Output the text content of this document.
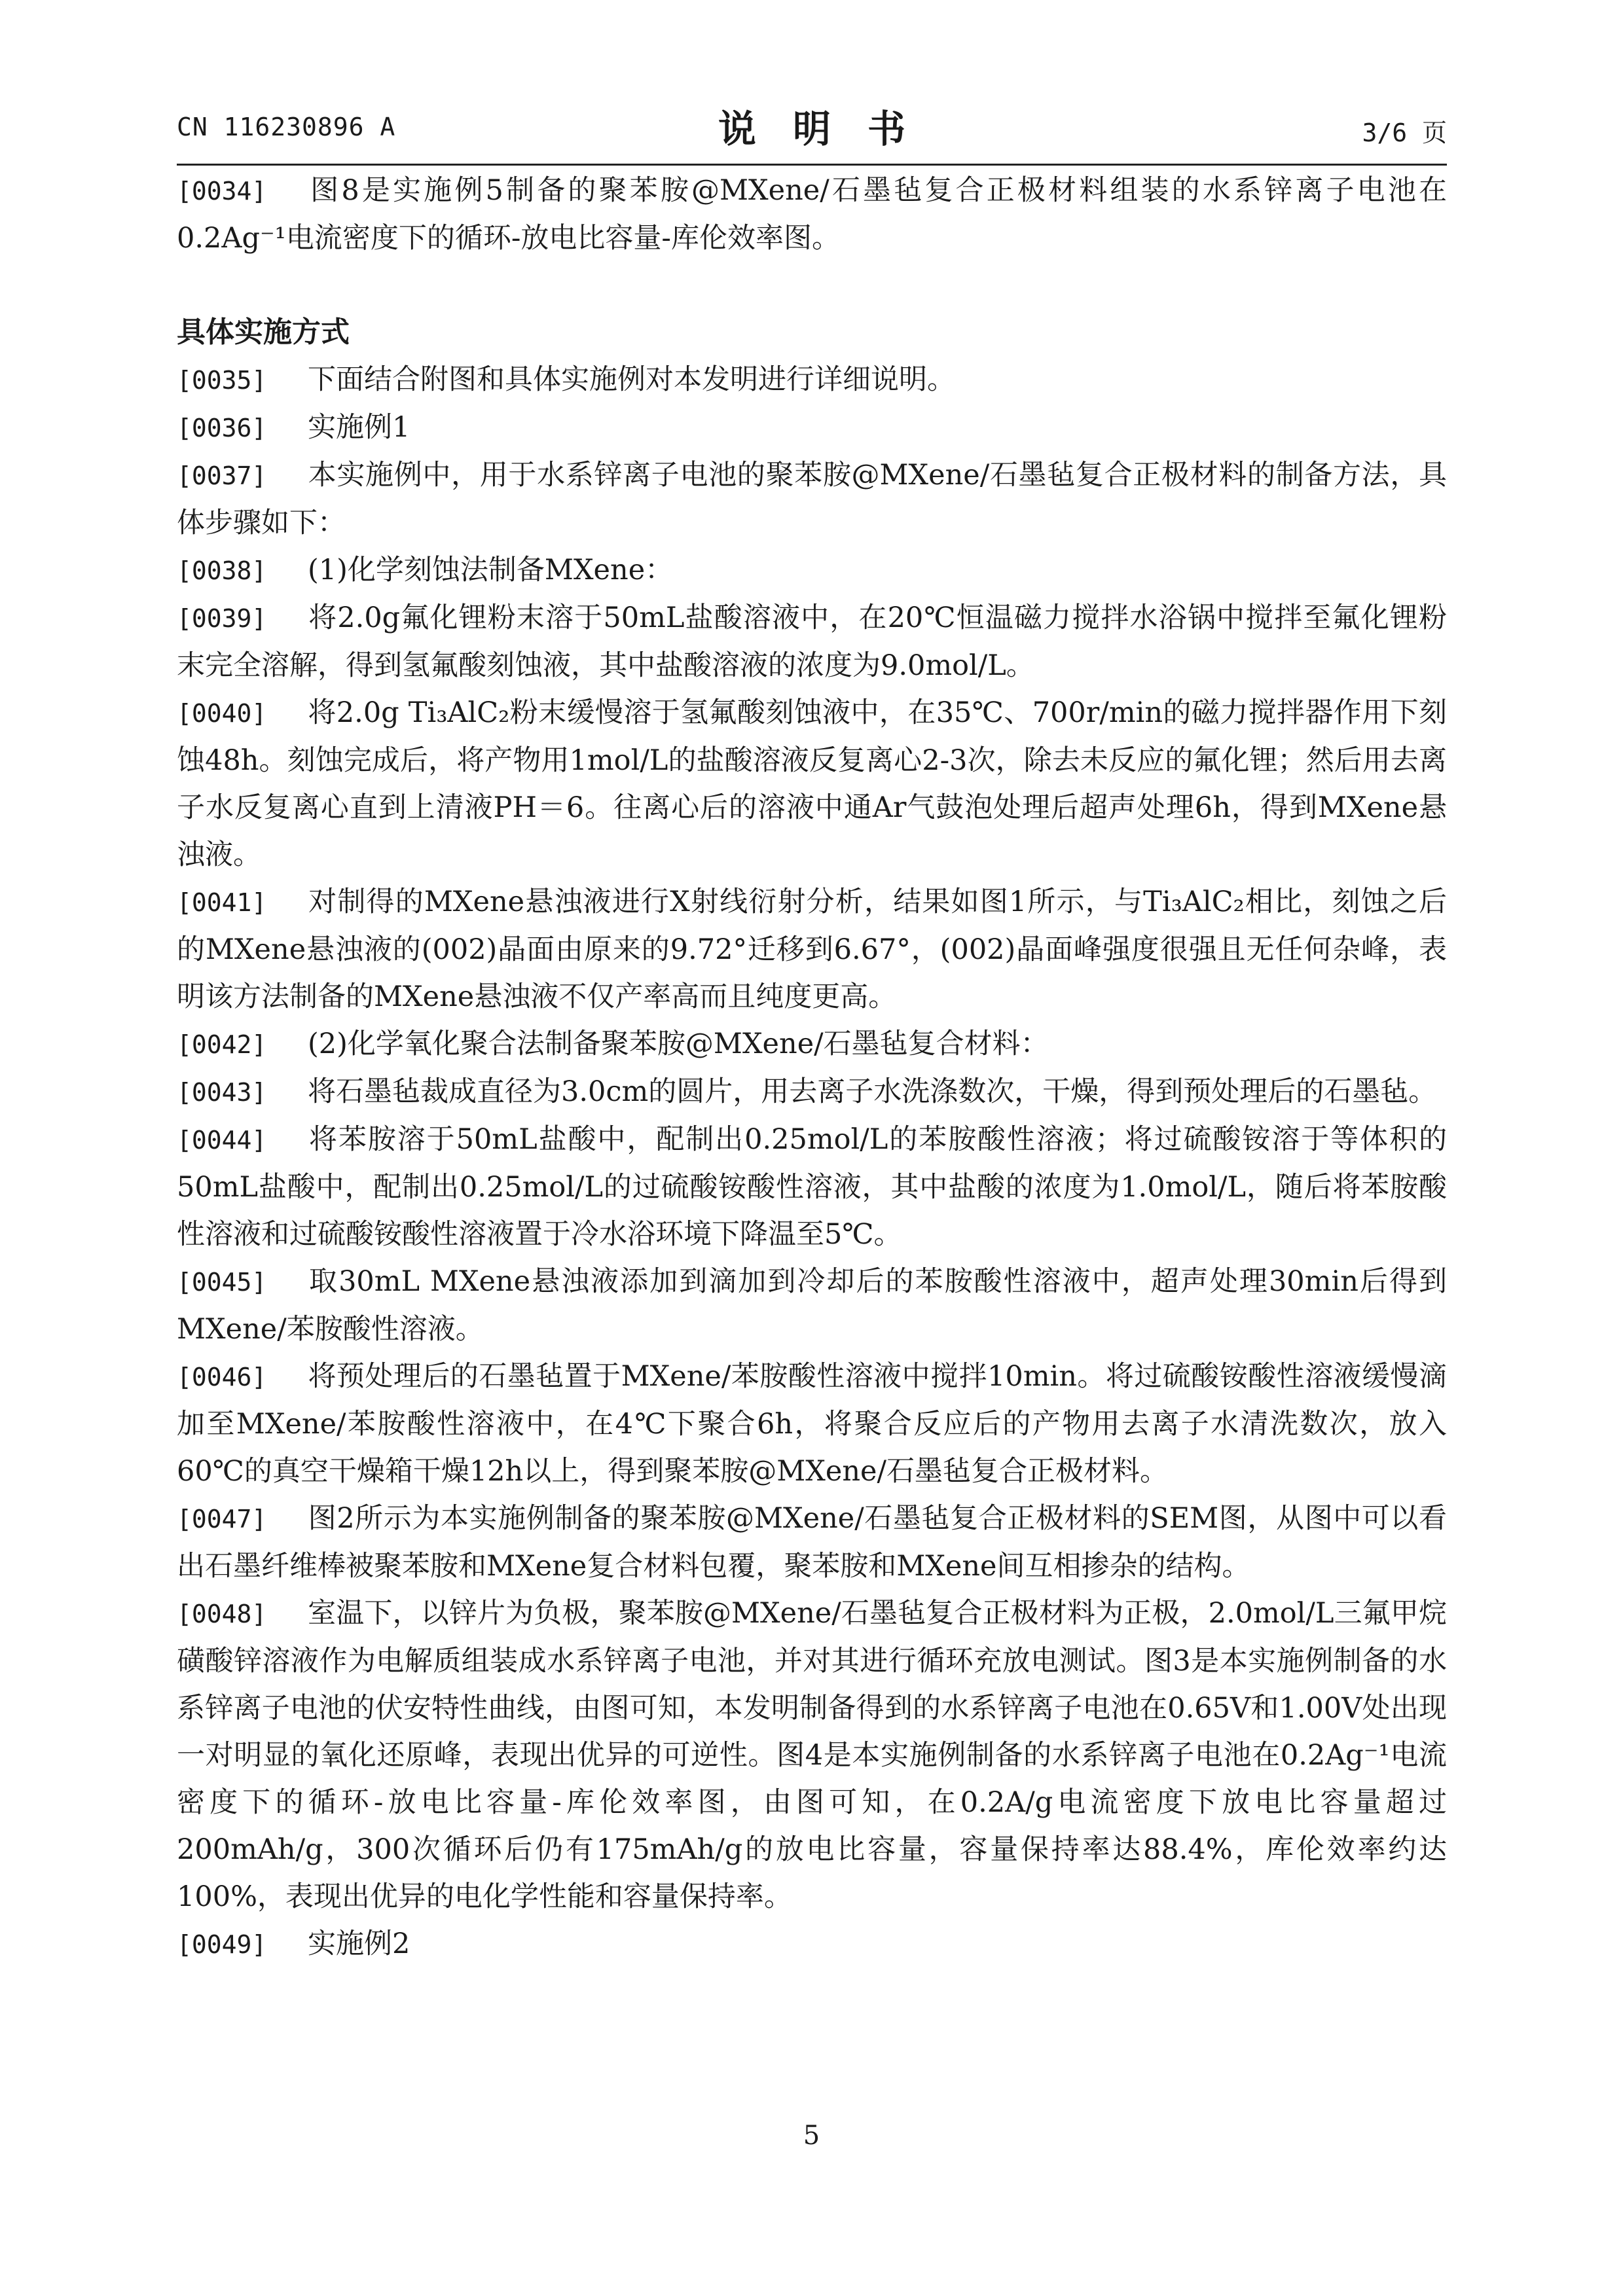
CN 116230896 A	说明书	3/6 页

[0034] 图8是实施例5制备的聚苯胺@MXene/石墨毡复合正极材料组装的水系锌离子电池在0.2Ag⁻¹电流密度下的循环-放电比容量-库伦效率图。

具体实施方式

[0035] 下面结合附图和具体实施例对本发明进行详细说明。

[0036] 实施例1

[0037] 本实施例中，用于水系锌离子电池的聚苯胺@MXene/石墨毡复合正极材料的制备方法，具体步骤如下：

[0038] (1)化学刻蚀法制备MXene：

[0039] 将2.0g氟化锂粉末溶于50mL盐酸溶液中，在20℃恒温磁力搅拌水浴锅中搅拌至氟化锂粉末完全溶解，得到氢氟酸刻蚀液，其中盐酸溶液的浓度为9.0mol/L。

[0040] 将2.0g Ti₃AlC₂粉末缓慢溶于氢氟酸刻蚀液中，在35℃、700r/min的磁力搅拌器作用下刻蚀48h。刻蚀完成后，将产物用1mol/L的盐酸溶液反复离心2-3次，除去未反应的氟化锂；然后用去离子水反复离心直到上清液PH＝6。往离心后的溶液中通Ar气鼓泡处理后超声处理6h，得到MXene悬浊液。

[0041] 对制得的MXene悬浊液进行X射线衍射分析，结果如图1所示，与Ti₃AlC₂相比，刻蚀之后的MXene悬浊液的(002)晶面由原来的9.72°迁移到6.67°，(002)晶面峰强度很强且无任何杂峰，表明该方法制备的MXene悬浊液不仅产率高而且纯度更高。

[0042] (2)化学氧化聚合法制备聚苯胺@MXene/石墨毡复合材料：

[0043] 将石墨毡裁成直径为3.0cm的圆片，用去离子水洗涤数次，干燥，得到预处理后的石墨毡。

[0044] 将苯胺溶于50mL盐酸中，配制出0.25mol/L的苯胺酸性溶液；将过硫酸铵溶于等体积的50mL盐酸中，配制出0.25mol/L的过硫酸铵酸性溶液，其中盐酸的浓度为1.0mol/L，随后将苯胺酸性溶液和过硫酸铵酸性溶液置于冷水浴环境下降温至5℃。

[0045] 取30mL MXene悬浊液添加到滴加到冷却后的苯胺酸性溶液中，超声处理30min后得到MXene/苯胺酸性溶液。

[0046] 将预处理后的石墨毡置于MXene/苯胺酸性溶液中搅拌10min。将过硫酸铵酸性溶液缓慢滴加至MXene/苯胺酸性溶液中，在4℃下聚合6h，将聚合反应后的产物用去离子水清洗数次，放入60℃的真空干燥箱干燥12h以上，得到聚苯胺@MXene/石墨毡复合正极材料。

[0047] 图2所示为本实施例制备的聚苯胺@MXene/石墨毡复合正极材料的SEM图，从图中可以看出石墨纤维棒被聚苯胺和MXene复合材料包覆，聚苯胺和MXene间互相掺杂的结构。

[0048] 室温下，以锌片为负极，聚苯胺@MXene/石墨毡复合正极材料为正极，2.0mol/L三氟甲烷磺酸锌溶液作为电解质组装成水系锌离子电池，并对其进行循环充放电测试。图3是本实施例制备的水系锌离子电池的伏安特性曲线，由图可知，本发明制备得到的水系锌离子电池在0.65V和1.00V处出现一对明显的氧化还原峰，表现出优异的可逆性。图4是本实施例制备的水系锌离子电池在0.2Ag⁻¹电流密度下的循环-放电比容量-库伦效率图，由图可知，在0.2A/g电流密度下放电比容量超过200mAh/g，300次循环后仍有175mAh/g的放电比容量，容量保持率达88.4%，库伦效率约达100%，表现出优异的电化学性能和容量保持率。

[0049] 实施例2

5
